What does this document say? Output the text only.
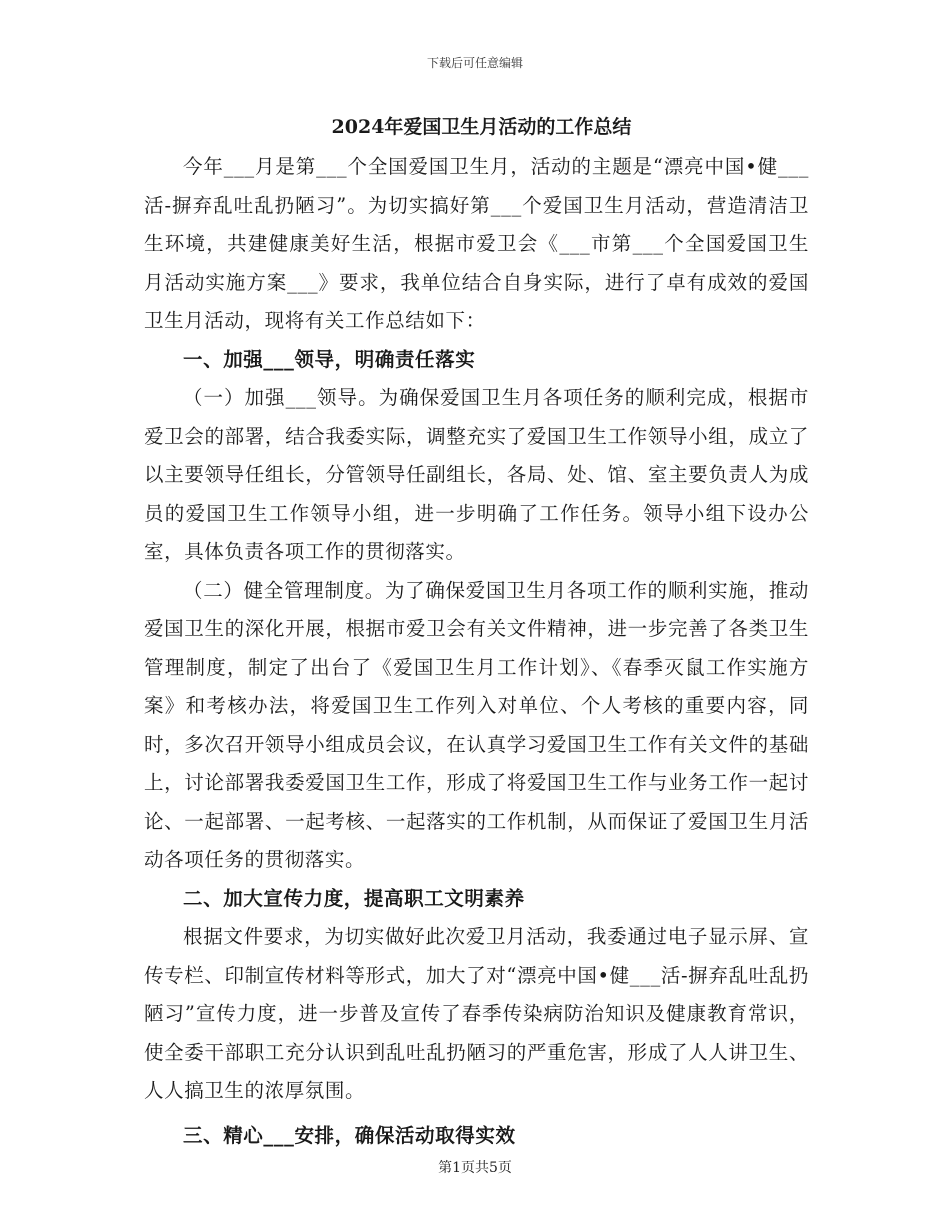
下载后可任意编辑
2024年爱国卫生月活动的工作总结

今年___月是第___个全国爱国卫生月，活动的主题是“漂亮中国•健___活-摒弃乱吐乱扔陋习”。为切实搞好第___个爱国卫生月活动，营造清洁卫生环境，共建健康美好生活，根据市爱卫会《___市第___个全国爱国卫生月活动实施方案___》要求，我单位结合自身实际，进行了卓有成效的爱国卫生月活动，现将有关工作总结如下：

一、加强___领导，明确责任落实

（一）加强___领导。为确保爱国卫生月各项任务的顺利完成，根据市爱卫会的部署，结合我委实际，调整充实了爱国卫生工作领导小组，成立了以主要领导任组长，分管领导任副组长，各局、处、馆、室主要负责人为成员的爱国卫生工作领导小组，进一步明确了工作任务。领导小组下设办公室，具体负责各项工作的贯彻落实。

（二）健全管理制度。为了确保爱国卫生月各项工作的顺利实施，推动爱国卫生的深化开展，根据市爱卫会有关文件精神，进一步完善了各类卫生管理制度，制定了出台了《爱国卫生月工作计划》、《春季灭鼠工作实施方案》和考核办法，将爱国卫生工作列入对单位、个人考核的重要内容，同时，多次召开领导小组成员会议，在认真学习爱国卫生工作有关文件的基础上，讨论部署我委爱国卫生工作，形成了将爱国卫生工作与业务工作一起讨论、一起部署、一起考核、一起落实的工作机制，从而保证了爱国卫生月活动各项任务的贯彻落实。

二、加大宣传力度，提高职工文明素养

根据文件要求，为切实做好此次爱卫月活动，我委通过电子显示屏、宣传专栏、印制宣传材料等形式，加大了对“漂亮中国•健___活-摒弃乱吐乱扔陋习”宣传力度，进一步普及宣传了春季传染病防治知识及健康教育常识，使全委干部职工充分认识到乱吐乱扔陋习的严重危害，形成了人人讲卫生、人人搞卫生的浓厚氛围。

三、精心___安排，确保活动取得实效

第1页共5页
